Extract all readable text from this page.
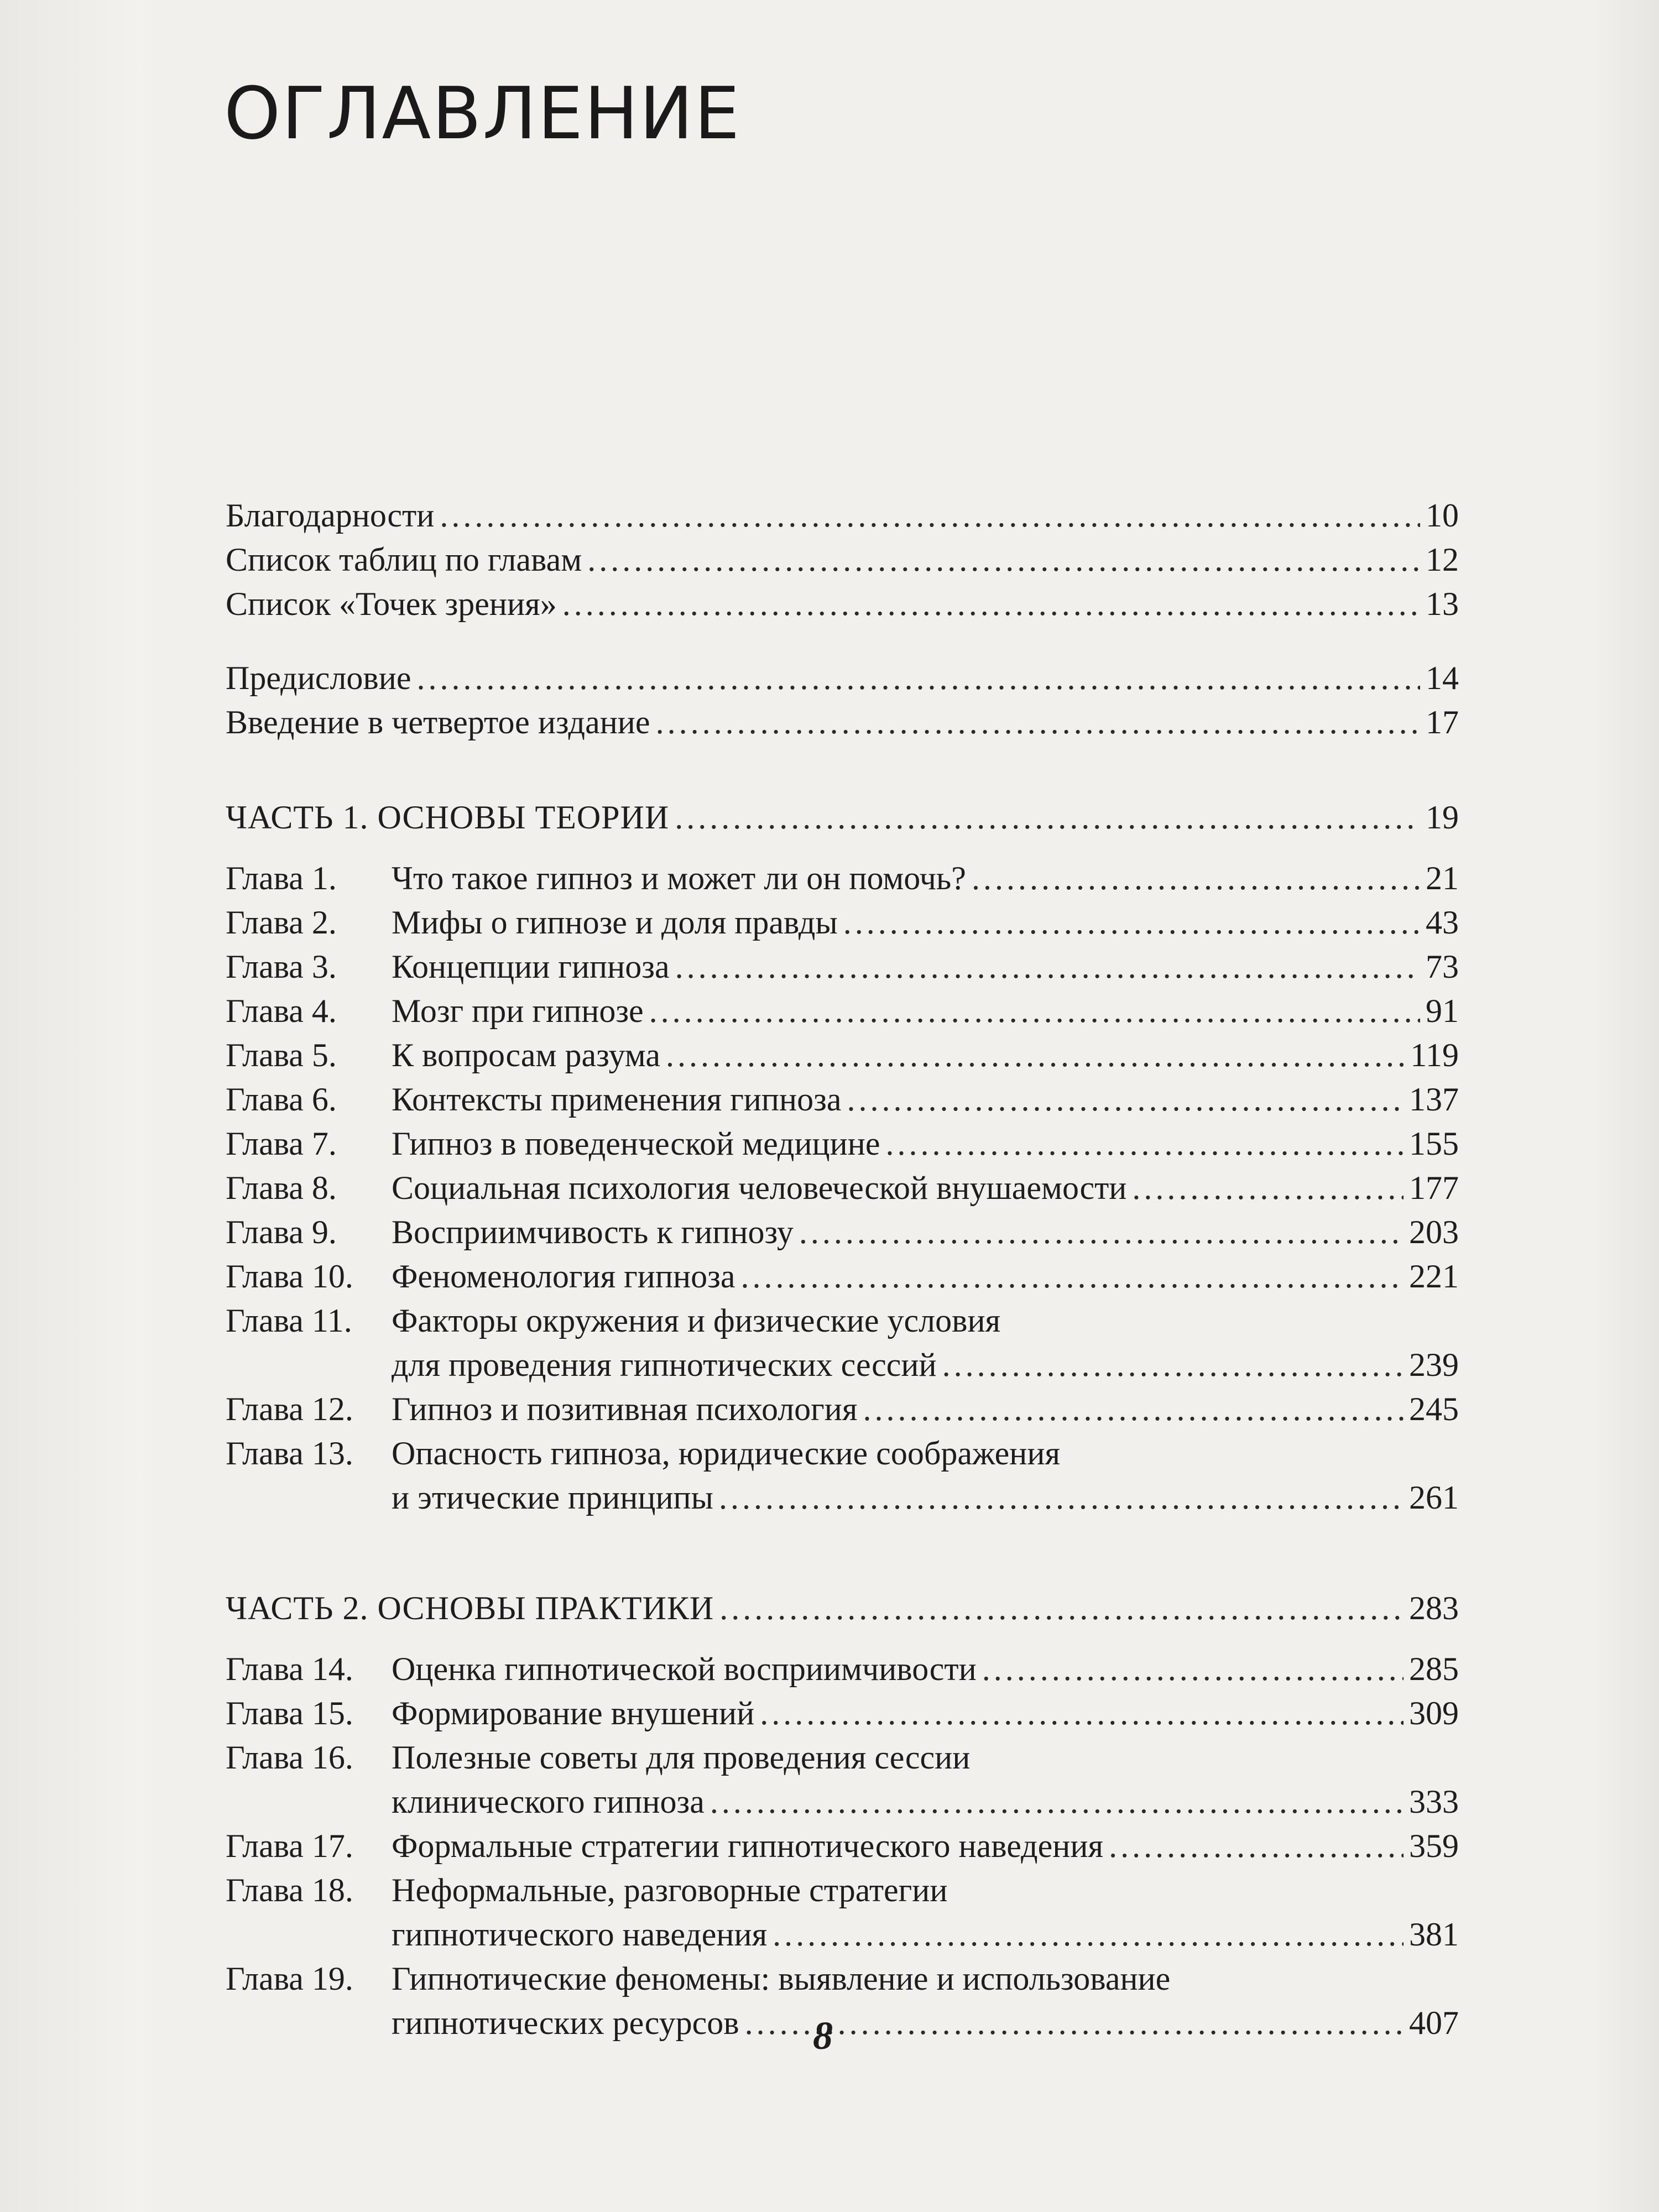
ОГЛАВЛЕНИЕ
Благодарности .....	10
Список таблиц по главам .....	12
Список «Точек зрения» .....	13
Предисловие .....	14
Введение в четвертое издание .....	17
ЧАСТЬ 1. ОСНОВЫ ТЕОРИИ .....	19
Глава 1.	Что такое гипноз и может ли он помочь? .....	21
Глава 2.	Мифы о гипнозе и доля правды .....	43
Глава 3.	Концепции гипноза .....	73
Глава 4.	Мозг при гипнозе .....	91
Глава 5.	К вопросам разума .....	119
Глава 6.	Контексты применения гипноза .....	137
Глава 7.	Гипноз в поведенческой медицине .....	155
Глава 8.	Социальная психология человеческой внушаемости .....	177
Глава 9.	Восприимчивость к гипнозу .....	203
Глава 10.	Феноменология гипноза .....	221
Глава 11.	Факторы окружения и физические условия
для проведения гипнотических сессий .....	239
Глава 12.	Гипноз и позитивная психология .....	245
Глава 13.	Опасность гипноза, юридические соображения
и этические принципы .....	261
ЧАСТЬ 2. ОСНОВЫ ПРАКТИКИ .....	283
Глава 14.	Оценка гипнотической восприимчивости .....	285
Глава 15.	Формирование внушений .....	309
Глава 16.	Полезные советы для проведения сессии
клинического гипноза .....	333
Глава 17.	Формальные стратегии гипнотического наведения .....	359
Глава 18.	Неформальные, разговорные стратегии
гипнотического наведения .....	381
Глава 19.	Гипнотические феномены: выявление и использование
гипнотических ресурсов .....	407
8
